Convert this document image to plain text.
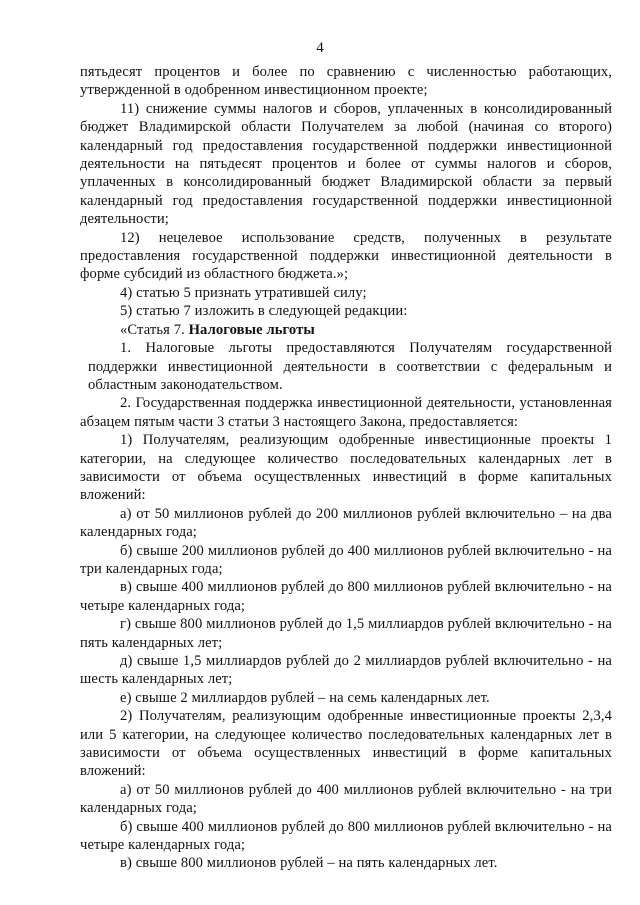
4

пятьдесят процентов и более по сравнению с численностью работающих, утвержденной в одобренном инвестиционном проекте;

11) снижение суммы налогов и сборов, уплаченных в консолидированный бюджет Владимирской области Получателем за любой (начиная со второго) календарный год предоставления государственной поддержки инвестиционной деятельности на пятьдесят процентов и более от суммы налогов и сборов, уплаченных в консолидированный бюджет Владимирской области за первый календарный год предоставления государственной поддержки инвестиционной деятельности;

12) нецелевое использование средств, полученных в результате предоставления государственной поддержки инвестиционной деятельности в форме субсидий из областного бюджета.»;

4) статью 5 признать утратившей силу;

5) статью 7 изложить в следующей редакции:

«Статья 7. Налоговые льготы

1. Налоговые льготы предоставляются Получателям государственной поддержки инвестиционной деятельности в соответствии с федеральным и областным законодательством.

2. Государственная поддержка инвестиционной деятельности, установленная абзацем пятым части 3 статьи 3 настоящего Закона, предоставляется:

1) Получателям, реализующим одобренные инвестиционные проекты 1 категории, на следующее количество последовательных календарных лет в зависимости от объема осуществленных инвестиций в форме капитальных вложений:

а) от 50 миллионов рублей до 200 миллионов рублей включительно – на два календарных года;

б) свыше 200 миллионов рублей до 400 миллионов рублей включительно - на три календарных года;

в) свыше 400 миллионов рублей до 800 миллионов рублей включительно - на четыре календарных года;

г) свыше 800 миллионов рублей до 1,5 миллиардов рублей включительно - на пять календарных лет;

д) свыше 1,5 миллиардов рублей до 2 миллиардов рублей включительно - на шесть календарных лет;

е) свыше 2 миллиардов рублей – на семь календарных лет.

2) Получателям, реализующим одобренные инвестиционные проекты 2,3,4 или 5 категории, на следующее количество последовательных календарных лет в зависимости от объема осуществленных инвестиций в форме капитальных вложений:

а) от 50 миллионов рублей до 400 миллионов рублей включительно - на три календарных года;

б) свыше 400 миллионов рублей до 800 миллионов рублей включительно - на четыре календарных года;

в) свыше 800 миллионов рублей – на пять календарных лет.
